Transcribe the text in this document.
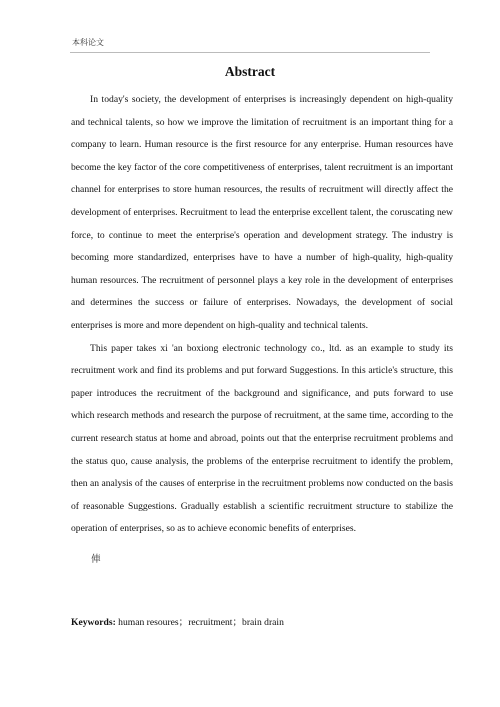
本科论文
Abstract

In today's society, the development of enterprises is increasingly dependent on high-quality and technical talents, so how we improve the limitation of recruitment is an important thing for a company to learn. Human resource is the first resource for any enterprise. Human resources have become the key factor of the core competitiveness of enterprises, talent recruitment is an important channel for enterprises to store human resources, the results of recruitment will directly affect the development of enterprises. Recruitment to lead the enterprise excellent talent, the coruscating new force, to continue to meet the enterprise's operation and development strategy. The industry is becoming more standardized, enterprises have to have a number of high-quality, high-quality human resources. The recruitment of personnel plays a key role in the development of enterprises and determines the success or failure of enterprises. Nowadays, the development of social enterprises is more and more dependent on high-quality and technical talents.

This paper takes xi 'an boxiong electronic technology co., ltd. as an example to study its recruitment work and find its problems and put forward Suggestions. In this article's structure, this paper introduces the recruitment of the background and significance, and puts forward to use which research methods and research the purpose of recruitment, at the same time, according to the current research status at home and abroad, points out that the enterprise recruitment problems and the status quo, cause analysis, the problems of the enterprise recruitment to identify the problem, then an analysis of the causes of enterprise in the recruitment problems now conducted on the basis of reasonable Suggestions. Gradually establish a scientific recruitment structure to stabilize the operation of enterprises, so as to achieve economic benefits of enterprises.

俥
Keywords: human resoures；recruitment；brain drain
